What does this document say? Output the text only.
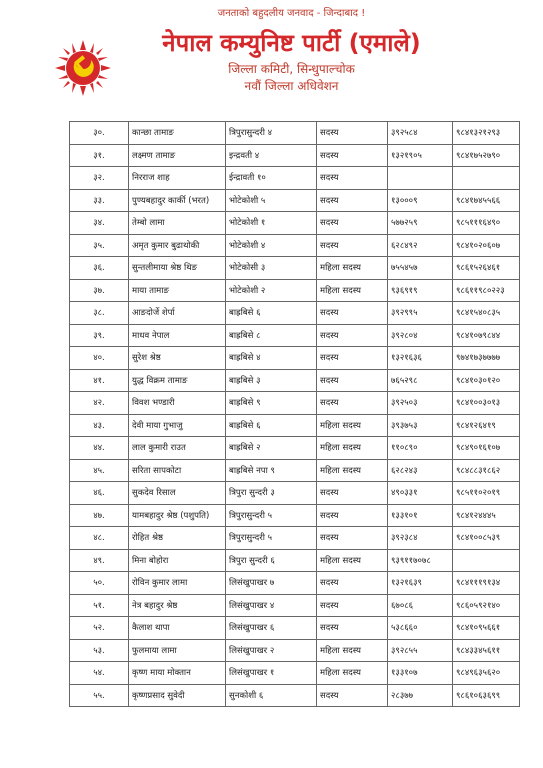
जनताको बहुदलीय जनवाद - जिन्दाबाद !
नेपाल कम्युनिष्ट पार्टी (एमाले)
जिल्ला कमिटी, सिन्धुपाल्चोक
नवौं जिल्ला अधिवेशन
३०.	कान्छा तामाङ	त्रिपुरासुन्दरी ४	सदस्य	३९२५८४	९८४१३२१२९३
३१.	लक्ष्मण तामाङ	इन्द्रवती ४	सदस्य	१३२१९०५	९८४१७५२७९०
३२.	निरराज शाह	ईन्द्रावती १०	सदस्य		
३३.	पुण्यबहादुर कार्की (भरत)	भोटेकोशी ५	सदस्य	१३०००९	९८४१७४५५६६
३४.	तेम्बो लामा	भोटेकोशी १	सदस्य	५७७२५९	९८५१११६४९०
३५.	अमृत कुमार बुढाथोकी	भोटेकोशी ४	सदस्य	६२८४९२	९८४१०२०६०७
३६.	सुन्तलीमाया श्रेष्ठ थिङ	भोटेकोसी ३	महिला सदस्य	७५५४५७	९८६१५२६४६१
३७.	माया तामाङ	भोटेकोशी २	महिला सदस्य	९३६९१९	९८६११९८०२२३
३८.	आङदोर्जे शेर्पा	बाह्रबिसे ६	सदस्य	३९२९९५	९८४१५४०८३५
३९.	माधव नेपाल	बाह्रबिसे ८	सदस्य	३९२८०४	९८४१०७९८४४
४०.	सुरेश श्रेष्ठ	बाह्रबिसे ४	सदस्य	१३२१६३६	९७४१७३७७७७
४१.	युद्ध विक्रम तामाङ	बाह्रबिसे ३	सदस्य	७६५२९८	९८४१०३०१२०
४२.	विवश भण्डारी	बाह्रबिसे ९	सदस्य	३९२५०३	९८४१००३०१३
४३.	देवी माया गुभाजु	बाह्रबिसे ६	महिला सदस्य	३९३७५३	९८४१२६४१९
४४.	लाल कुमारी राउत	बाह्रबिसे २	महिला सदस्य	११०८९०	९८४९०१६१०७
४५.	सरिता सापकोटा	बाह्रबिसे नपा ९	महिला सदस्य	६२८२४३	९८४८८३१८६२
४६.	सुकदेव रिसाल	त्रिपुरा सुन्दरी ३	सदस्य	४९०३३१	९८५११०२०१९
४७.	यामबहादुर श्रेष्ठ (पशुपति)	त्रिपुरासुन्दरी ५	सदस्य	१३३१०१	९८४१२४४४५
४८.	रोहित श्रेष्ठ	त्रिपुरासुन्दरी ५	सदस्य	३९२३८४	९८४१००८५३९
४९.	मिना बोहोरा	त्रिपुरा सुन्दरी ६	महिला सदस्य	९३९११७०७८	
५०.	रोविन कुमार लामा	लिसंखुपाखर ७	सदस्य	१३२१६३९	९८४१११९१३४
५१.	नेत्र बहादुर श्रेष्ठ	लिसंखुपाखर ४	सदस्य	६७०८६	९८६०५९२१४०
५२.	कैलाश थापा	लिसंखुपाखर ६	सदस्य	५३८६६०	९८४१०९५६६१
५३.	फुलमाया लामा	लिसंखुपाखर २	महिला सदस्य	३९२८५५	९८४३३४५६११
५४.	कृष्ण माया मोक्तान	लिसंखुपाखर १	महिला सदस्य	१३३१०७	९८४९६३५६२०
५५.	कृष्णप्रसाद सुवेदी	सुनकोशी ६	सदस्य	२८३७७	९८६१०६३६९९
